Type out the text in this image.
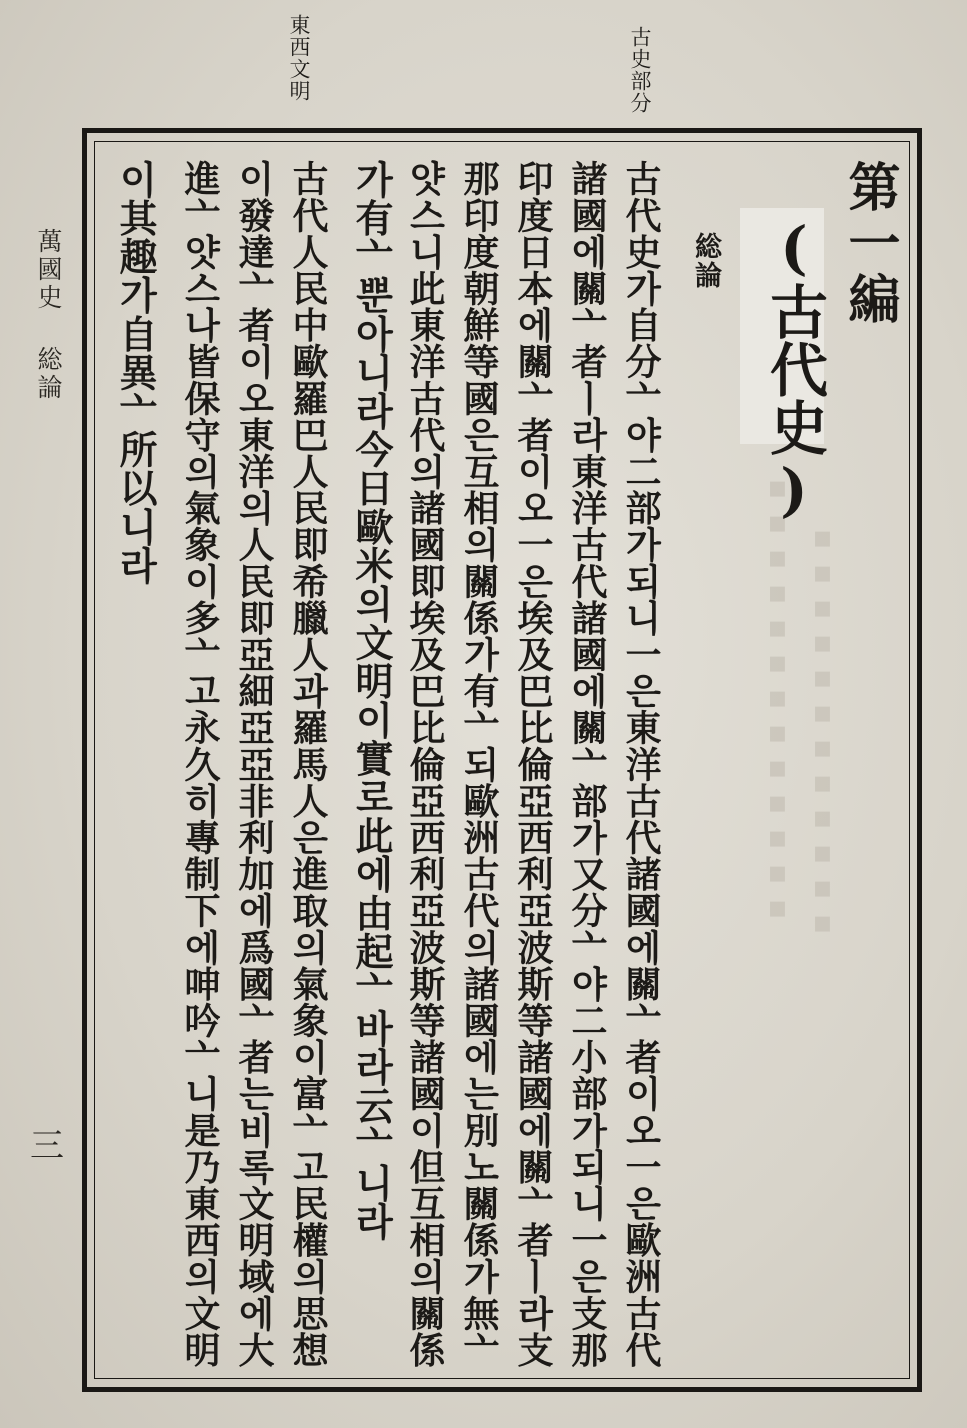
▪▪▪▪▪▪▪▪▪▪▪▪
▪▪▪▪▪▪▪▪▪▪▪▪▪
東西文明	古史部分
萬國史総論
三
第一編
(古代史)
総論
古代史가自分亠야二部가되니一은東洋古代諸國에關亠者이오一은歐洲古代
諸國에關亠者ㅣ라東洋古代諸國에關亠部가又分亠야二小部가되니一은支那
印度日本에關亠者이오一은埃及巴比倫亞西利亞波斯等諸國에關亠者ㅣ라支
那印度朝鮮等國은互相의關係가有亠되歐洲古代의諸國에는別노關係가無亠
얏스니此東洋古代의諸國即埃及巴比倫亞西利亞波斯等諸國이但互相의關係
가有亠뿐아니라今日歐米의文明이實로此에由起亠바라云亠니라
古代人民中歐羅巴人民即希臘人과羅馬人은進取의氣象이富亠고民權의思想
이發達亠者이오東洋의人民即亞細亞亞非利加에爲國亠者는비록文明域에大
進亠얏스나皆保守의氣象이多亠고永久히專制下에呻吟亠니是乃東西의文明
이其趣가自異亠所以니라
